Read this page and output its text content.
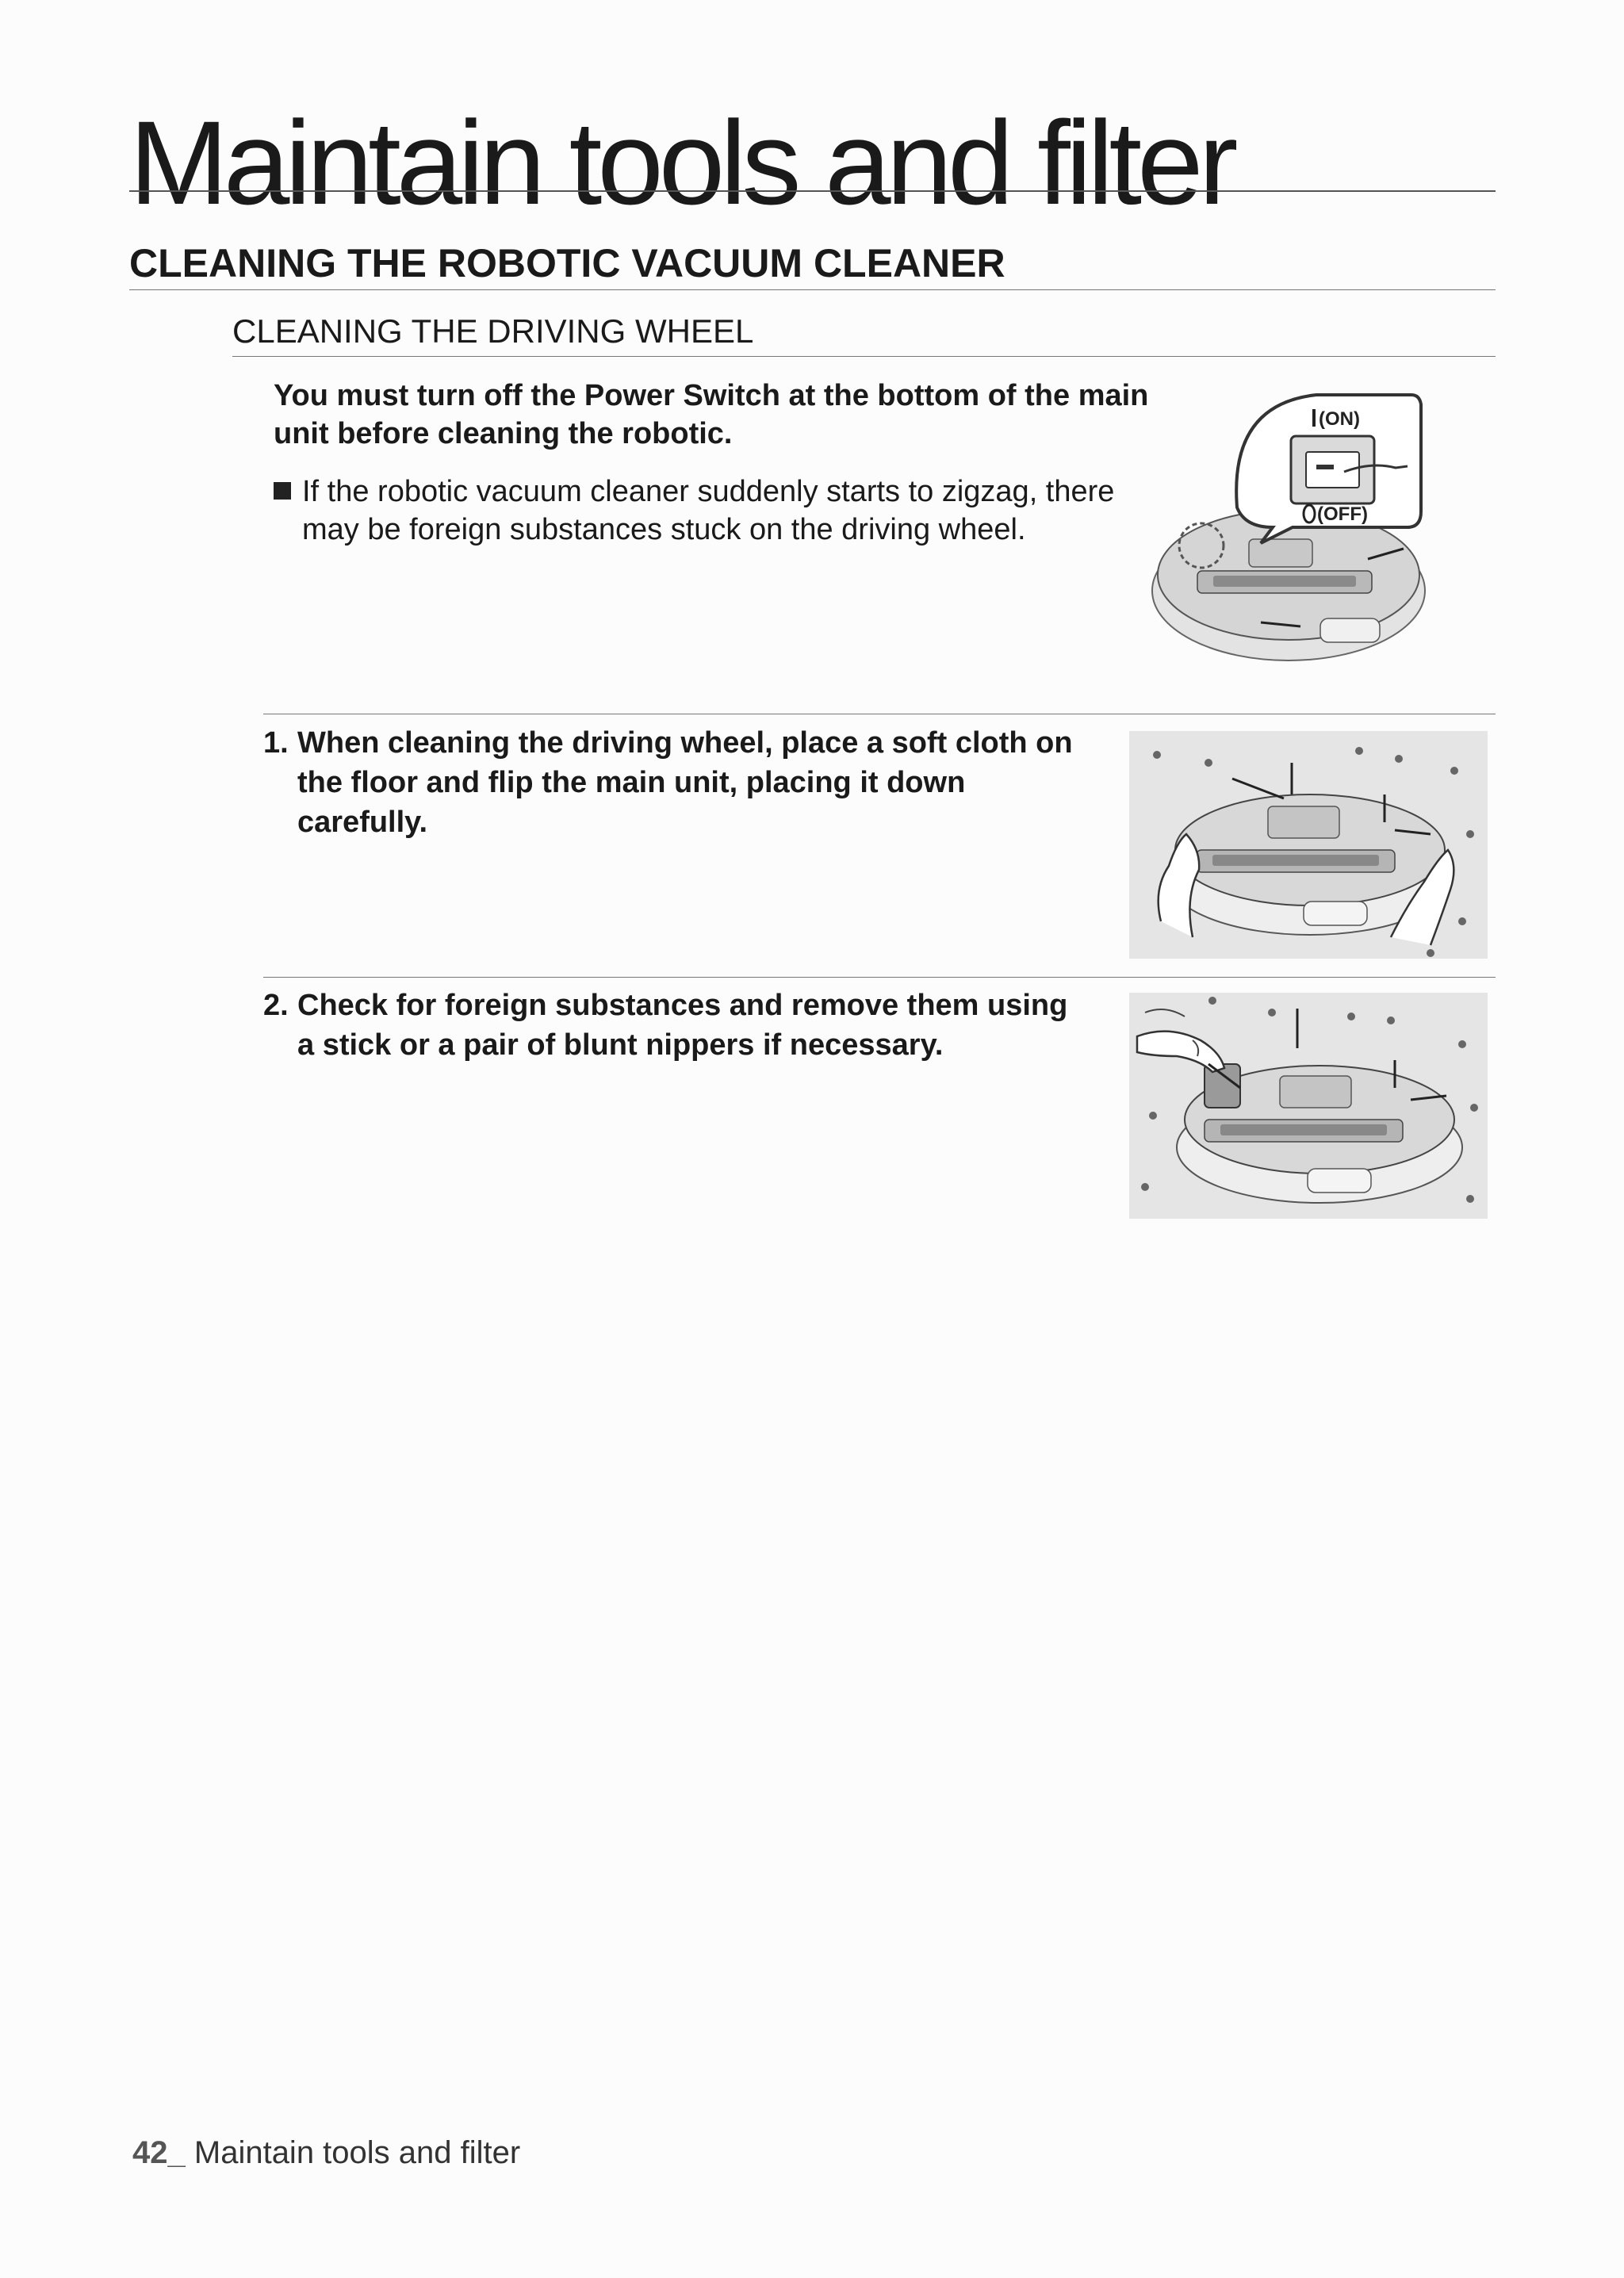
Maintain tools and filter
CLEANING THE ROBOTIC VACUUM CLEANER
CLEANING THE DRIVING WHEEL
You must turn off the Power Switch at the bottom of the main unit before cleaning the robotic.
If the robotic vacuum cleaner suddenly starts to zigzag, there may be foreign substances stuck on the driving wheel.
(ON)
(OFF)
1. When cleaning the driving wheel, place a soft cloth on the floor and flip the main unit, placing it down carefully.
2. Check for foreign substances and remove them using a stick or a pair of blunt nippers if necessary.
42_ Maintain tools and filter
